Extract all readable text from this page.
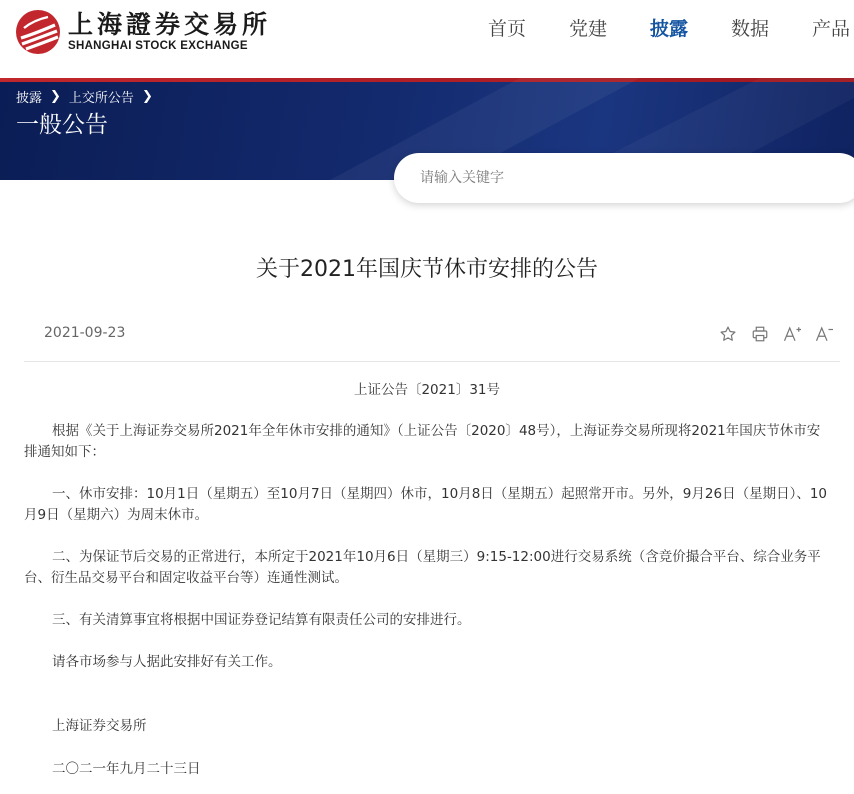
上海證券交易所
SHANGHAI STOCK EXCHANGE
首页 党建 披露 数据 产品
披露 ❯ 上交所公告 ❯
一般公告
请输入关键字
关于2021年国庆节休市安排的公告
2021-09-23
上证公告〔2021〕31号
根据《关于上海证券交易所2021年全年休市安排的通知》（上证公告〔2020〕48号），上海证券交易所现将2021年国庆节休市安排通知如下：
一、休市安排：10月1日（星期五）至10月7日（星期四）休市，10月8日（星期五）起照常开市。另外，9月26日（星期日）、10月9日（星期六）为周末休市。
二、为保证节后交易的正常进行，本所定于2021年10月6日（星期三）9:15-12:00进行交易系统（含竞价撮合平台、综合业务平台、衍生品交易平台和固定收益平台等）连通性测试。
三、有关清算事宜将根据中国证券登记结算有限责任公司的安排进行。
请各市场参与人据此安排好有关工作。
上海证券交易所
二〇二一年九月二十三日
